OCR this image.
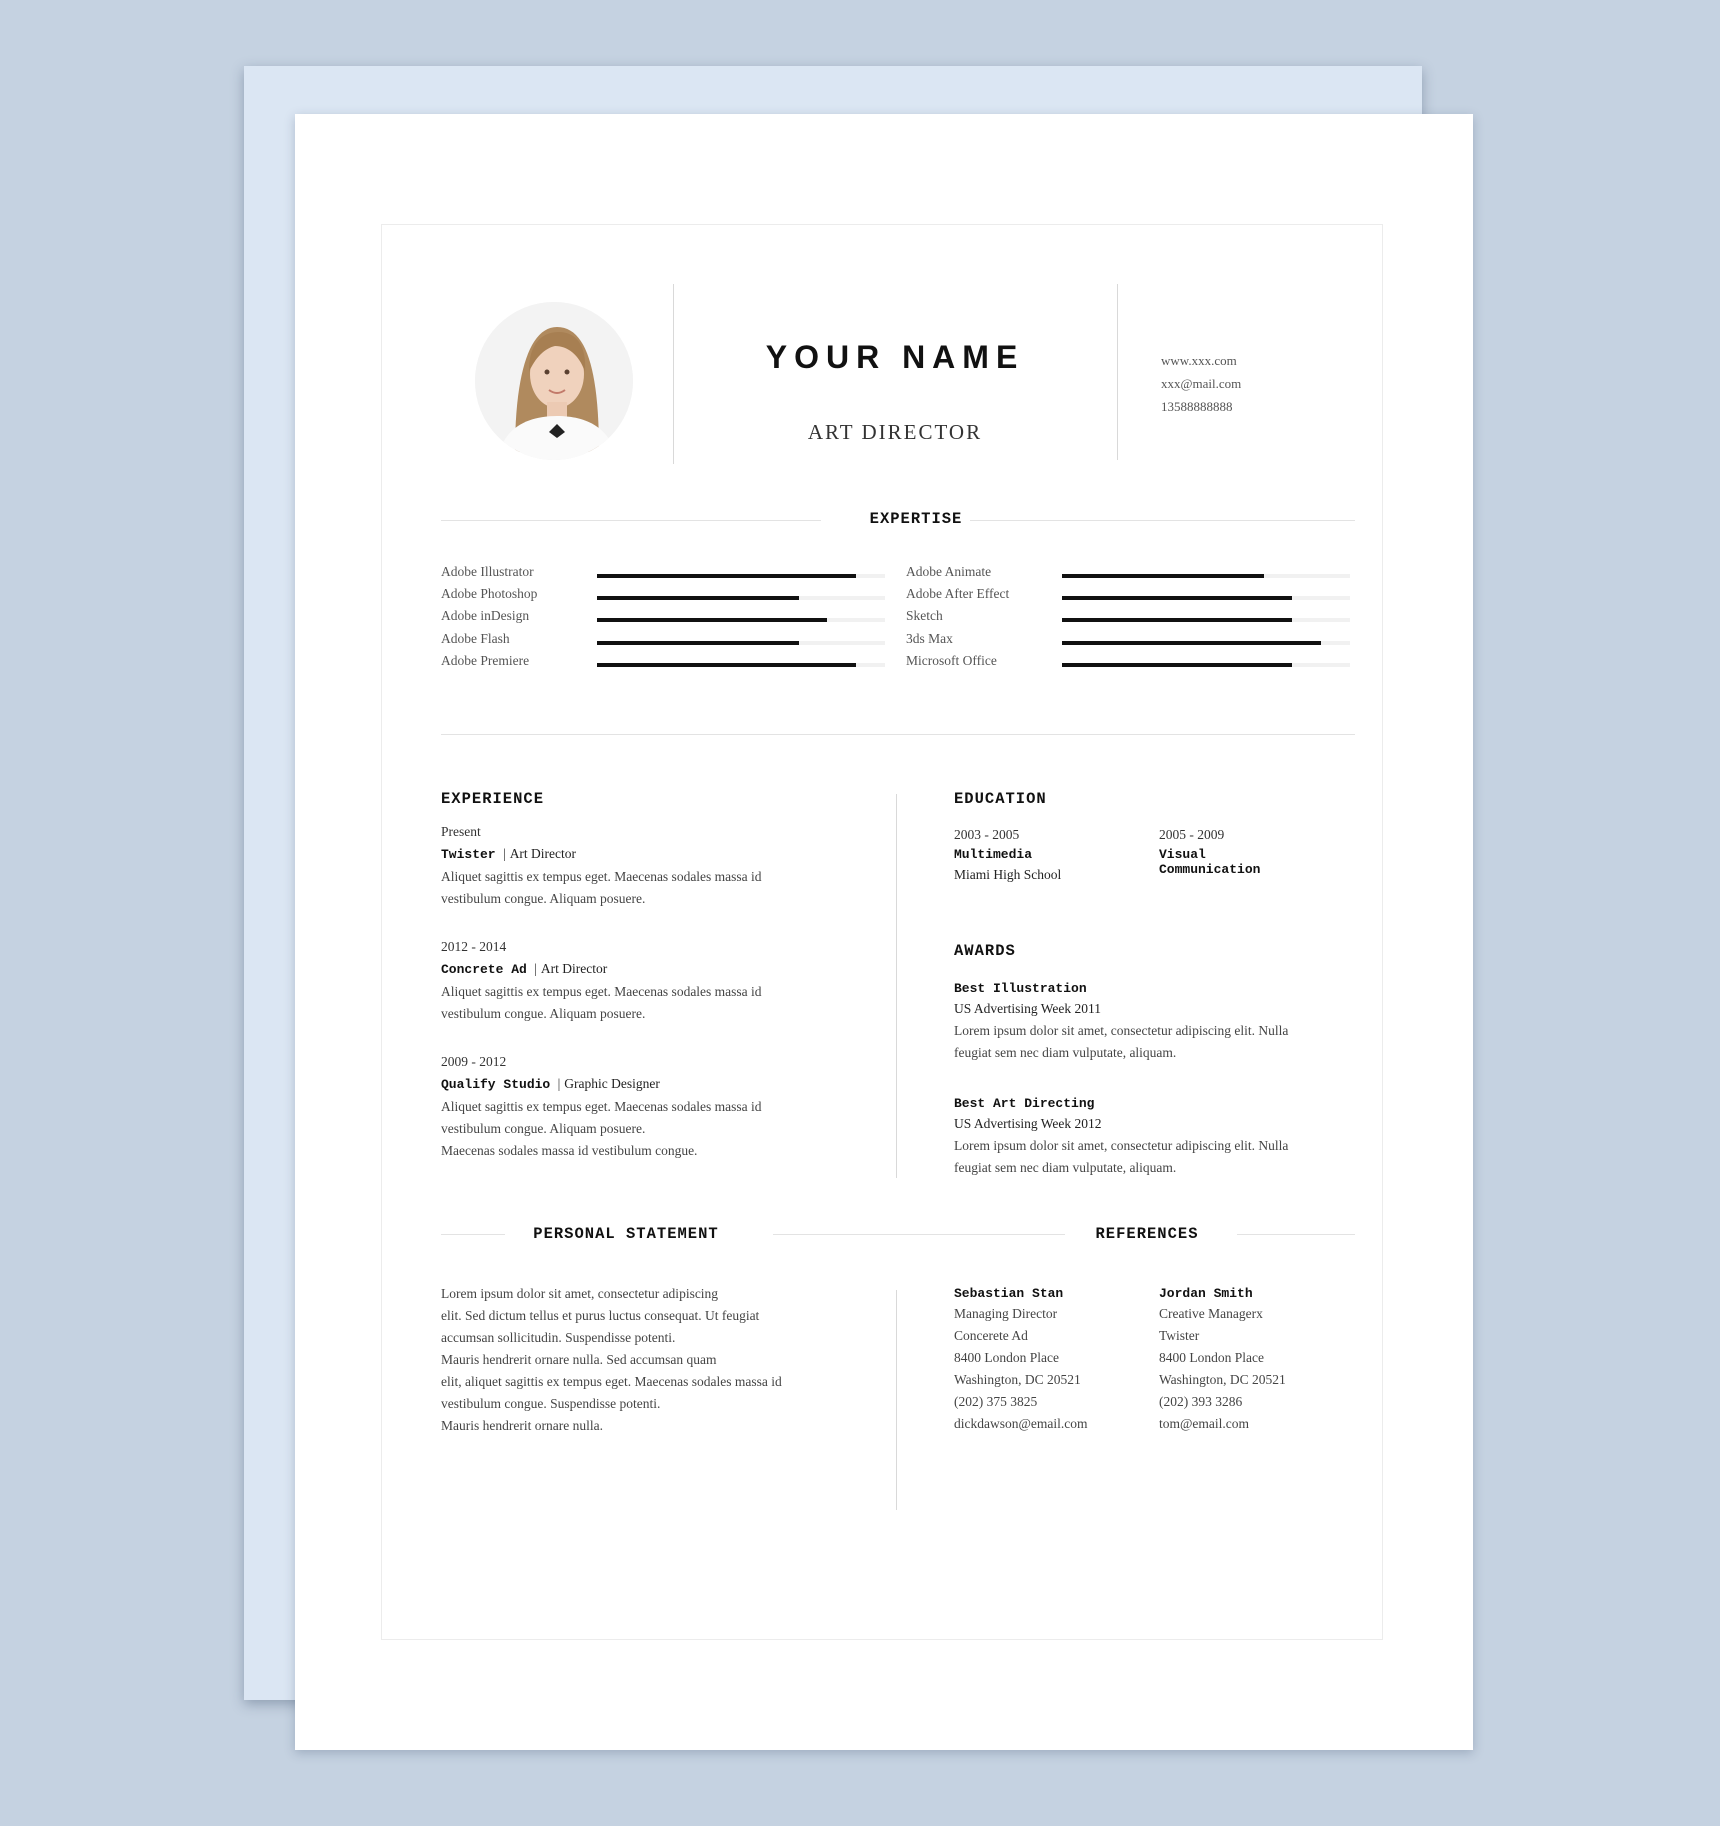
YOUR NAME
ART DIRECTOR
www.xxx.com
xxx@mail.com
13588888888
EXPERTISE
Adobe Illustrator
Adobe Photoshop
Adobe inDesign
Adobe Flash
Adobe Premiere
Adobe Animate
Adobe After Effect
Sketch
3ds Max
Microsoft Office
EXPERIENCE
Present
Twister | Art Director
Aliquet sagittis ex tempus eget. Maecenas sodales massa id
vestibulum congue. Aliquam posuere.
2012 - 2014
Concrete Ad | Art Director
Aliquet sagittis ex tempus eget. Maecenas sodales massa id
vestibulum congue. Aliquam posuere.
2009 - 2012
Qualify Studio | Graphic Designer
Aliquet sagittis ex tempus eget. Maecenas sodales massa id
vestibulum congue. Aliquam posuere.
Maecenas sodales massa id vestibulum congue.
EDUCATION
2003 - 2005
Multimedia
Miami High School
2005 - 2009
Visual Communication
AWARDS
Best Illustration
US Advertising Week 2011
Lorem ipsum dolor sit amet, consectetur adipiscing elit. Nulla
feugiat sem nec diam vulputate, aliquam.
Best Art Directing
US Advertising Week 2012
Lorem ipsum dolor sit amet, consectetur adipiscing elit. Nulla
feugiat sem nec diam vulputate, aliquam.
PERSONAL STATEMENT	REFERENCES
Lorem ipsum dolor sit amet, consectetur adipiscing
elit. Sed dictum tellus et purus luctus consequat. Ut feugiat
accumsan sollicitudin. Suspendisse potenti.
Mauris hendrerit ornare nulla. Sed accumsan quam
elit, aliquet sagittis ex tempus eget. Maecenas sodales massa id
vestibulum congue. Suspendisse potenti.
Mauris hendrerit ornare nulla.
Sebastian Stan
Managing Director
Concerete Ad
8400 London Place
Washington, DC 20521
(202) 375 3825
dickdawson@email.com
Jordan Smith
Creative Managerx
Twister
8400 London Place
Washington, DC 20521
(202) 393 3286
tom@email.com
